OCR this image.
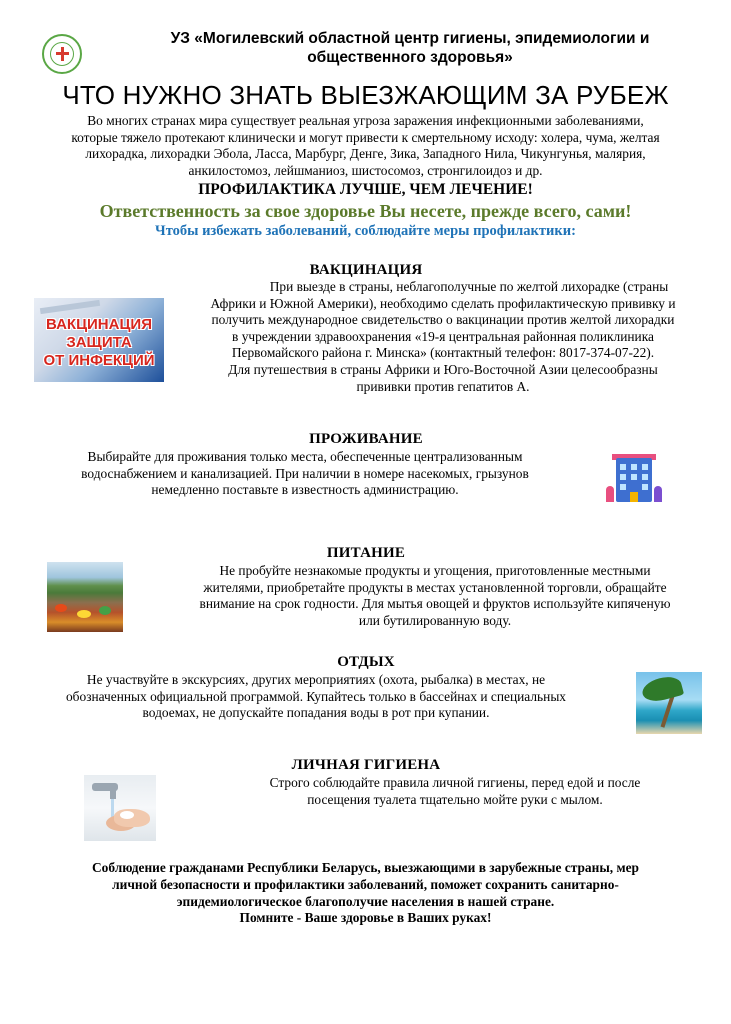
УЗ «Могилевский областной центр гигиены, эпидемиологии и
общественного здоровья»
ЧТО НУЖНО ЗНАТЬ ВЫЕЗЖАЮЩИМ ЗА РУБЕЖ
Во многих странах мира существует реальная угроза заражения инфекционными заболеваниями,
которые тяжело протекают клинически и могут привести к смертельному исходу: холера, чума, желтая
лихорадка, лихорадки Эбола, Ласса, Марбург, Денге, Зика, Западного Нила, Чикунгунья, малярия,
анкилостомоз, лейшманиоз, шистосомоз, стронгилоидоз и др.
ПРОФИЛАКТИКА ЛУЧШЕ, ЧЕМ ЛЕЧЕНИЕ!
Ответственность за свое здоровье Вы несете, прежде всего, сами!
Чтобы избежать заболеваний, соблюдайте меры профилактики:
ВАКЦИНАЦИЯ
ВАКЦИНАЦИЯ
ЗАЩИТА
ОТ ИНФЕКЦИЙ
При выезде в страны, неблагополучные по желтой лихорадке (страны
Африки и Южной Америки), необходимо сделать профилактическую прививку и
получить международное свидетельство о вакцинации против желтой лихорадки
в учреждении здравоохранения «19-я центральная районная поликлиника
Первомайского района г. Минска» (контактный телефон: 8017-374-07-22).
Для путешествия в страны Африки и Юго-Восточной Азии целесообразны
прививки против гепатитов А.
ПРОЖИВАНИЕ
Выбирайте для проживания только места, обеспеченные централизованным
водоснабжением и канализацией. При наличии в номере насекомых, грызунов
немедленно поставьте в известность администрацию.
ПИТАНИЕ
Не пробуйте незнакомые продукты и угощения, приготовленные местными
жителями, приобретайте продукты в местах установленной торговли, обращайте
внимание на срок годности. Для мытья овощей и фруктов используйте кипяченую
или бутилированную воду.
ОТДЫХ
Не участвуйте в экскурсиях, других мероприятиях (охота, рыбалка) в местах, не
обозначенных официальной программой. Купайтесь только в бассейнах и специальных
водоемах, не допускайте попадания воды в рот при купании.
ЛИЧНАЯ ГИГИЕНА
Строго соблюдайте правила личной гигиены, перед едой и после
посещения туалета тщательно мойте руки с мылом.
Соблюдение гражданами Республики Беларусь, выезжающими в зарубежные страны, мер
личной безопасности и профилактики заболеваний, поможет сохранить санитарно-
эпидемиологическое благополучие населения в нашей стране.
Помните - Ваше здоровье в Ваших руках!
